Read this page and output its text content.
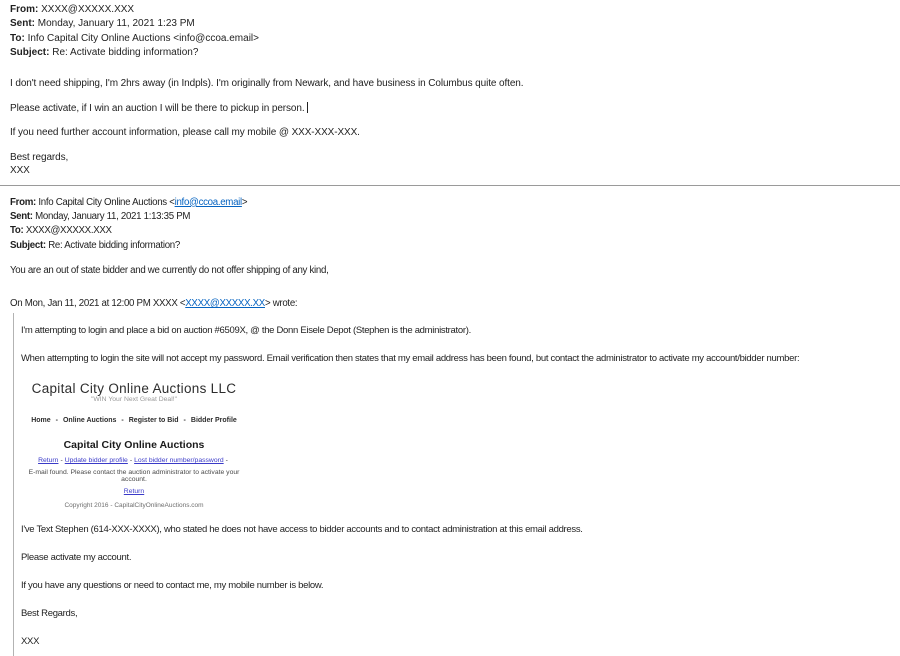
From: XXXX@XXXXX.XXX
Sent: Monday, January 11, 2021 1:23 PM
To: Info Capital City Online Auctions <info@ccoa.email>
Subject: Re: Activate bidding information?

I don't need shipping, I'm 2hrs away (in Indpls). I'm originally from Newark, and have business in Columbus quite often.

Please activate, if I win an auction I will be there to pickup in person.

If you need further account information, please call my mobile @ XXX-XXX-XXX.

Best regards,
XXX

From: Info Capital City Online Auctions <info@ccoa.email>
Sent: Monday, January 11, 2021 1:13:35 PM
To: XXXX@XXXXX.XXX
Subject: Re: Activate bidding information?

You are an out of state bidder and we currently do not offer shipping of any kind,

On Mon, Jan 11, 2021 at 12:00 PM XXXX <XXXX@XXXXX.XX> wrote:

I'm attempting to login and place a bid on auction #6509X, @ the Donn Eisele Depot (Stephen is the administrator).

When attempting to login the site will not accept my password. Email verification then states that my email address has been found, but contact the administrator to activate my account/bidder number:

Capital City Online Auctions LLC
"WIN Your Next Great Deal!"
Home - Online Auctions - Register to Bid - Bidder Profile
Capital City Online Auctions
Return - Update bidder profile - Lost bidder number/password -
E-mail found. Please contact the auction administrator to activate your account.
Return
Copyright 2016 - CapitalCityOnlineAuctions.com

I've Text Stephen (614-XXX-XXXX), who stated he does not have access to bidder accounts and to contact administration at this email address.

Please activate my account.

If you have any questions or need to contact me, my mobile number is below.

Best Regards,

XXX
